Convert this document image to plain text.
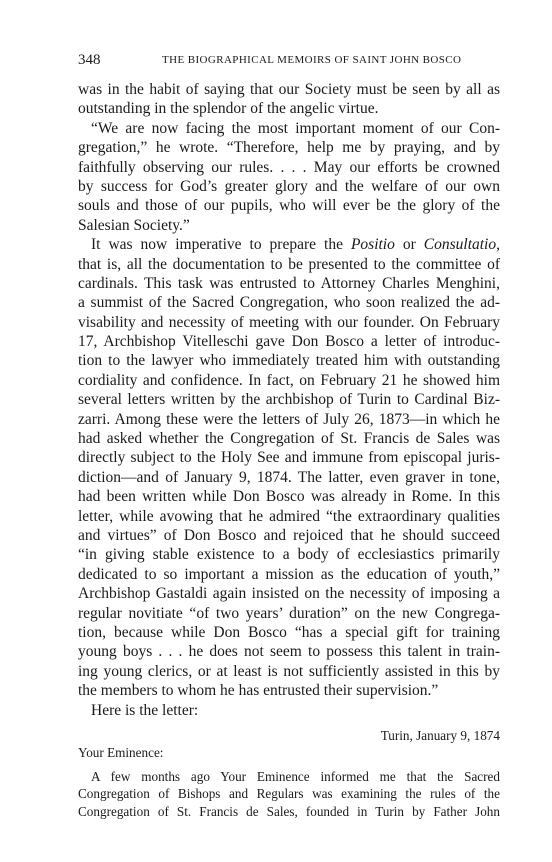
348	THE BIOGRAPHICAL MEMOIRS OF SAINT JOHN BOSCO
was in the habit of saying that our Society must be seen by all as
outstanding in the splendor of the angelic virtue.
“We are now facing the most important moment of our Con-
gregation,” he wrote. “Therefore, help me by praying, and by
faithfully observing our rules. . . . May our efforts be crowned
by success for God’s greater glory and the welfare of our own
souls and those of our pupils, who will ever be the glory of the
Salesian Society.”
It was now imperative to prepare the Positio or Consultatio,
that is, all the documentation to be presented to the committee of
cardinals. This task was entrusted to Attorney Charles Menghini,
a summist of the Sacred Congregation, who soon realized the ad-
visability and necessity of meeting with our founder. On February
17, Archbishop Vitelleschi gave Don Bosco a letter of introduc-
tion to the lawyer who immediately treated him with outstanding
cordiality and confidence. In fact, on February 21 he showed him
several letters written by the archbishop of Turin to Cardinal Biz-
zarri. Among these were the letters of July 26, 1873—in which he
had asked whether the Congregation of St. Francis de Sales was
directly subject to the Holy See and immune from episcopal juris-
diction—and of January 9, 1874. The latter, even graver in tone,
had been written while Don Bosco was already in Rome. In this
letter, while avowing that he admired “the extraordinary qualities
and virtues” of Don Bosco and rejoiced that he should succeed
“in giving stable existence to a body of ecclesiastics primarily
dedicated to so important a mission as the education of youth,”
Archbishop Gastaldi again insisted on the necessity of imposing a
regular novitiate “of two years’ duration” on the new Congrega-
tion, because while Don Bosco “has a special gift for training
young boys . . . he does not seem to possess this talent in train-
ing young clerics, or at least is not sufficiently assisted in this by
the members to whom he has entrusted their supervision.”
Here is the letter:
Turin, January 9, 1874
Your Eminence:
A few months ago Your Eminence informed me that the Sacred
Congregation of Bishops and Regulars was examining the rules of the
Congregation of St. Francis de Sales, founded in Turin by Father John
